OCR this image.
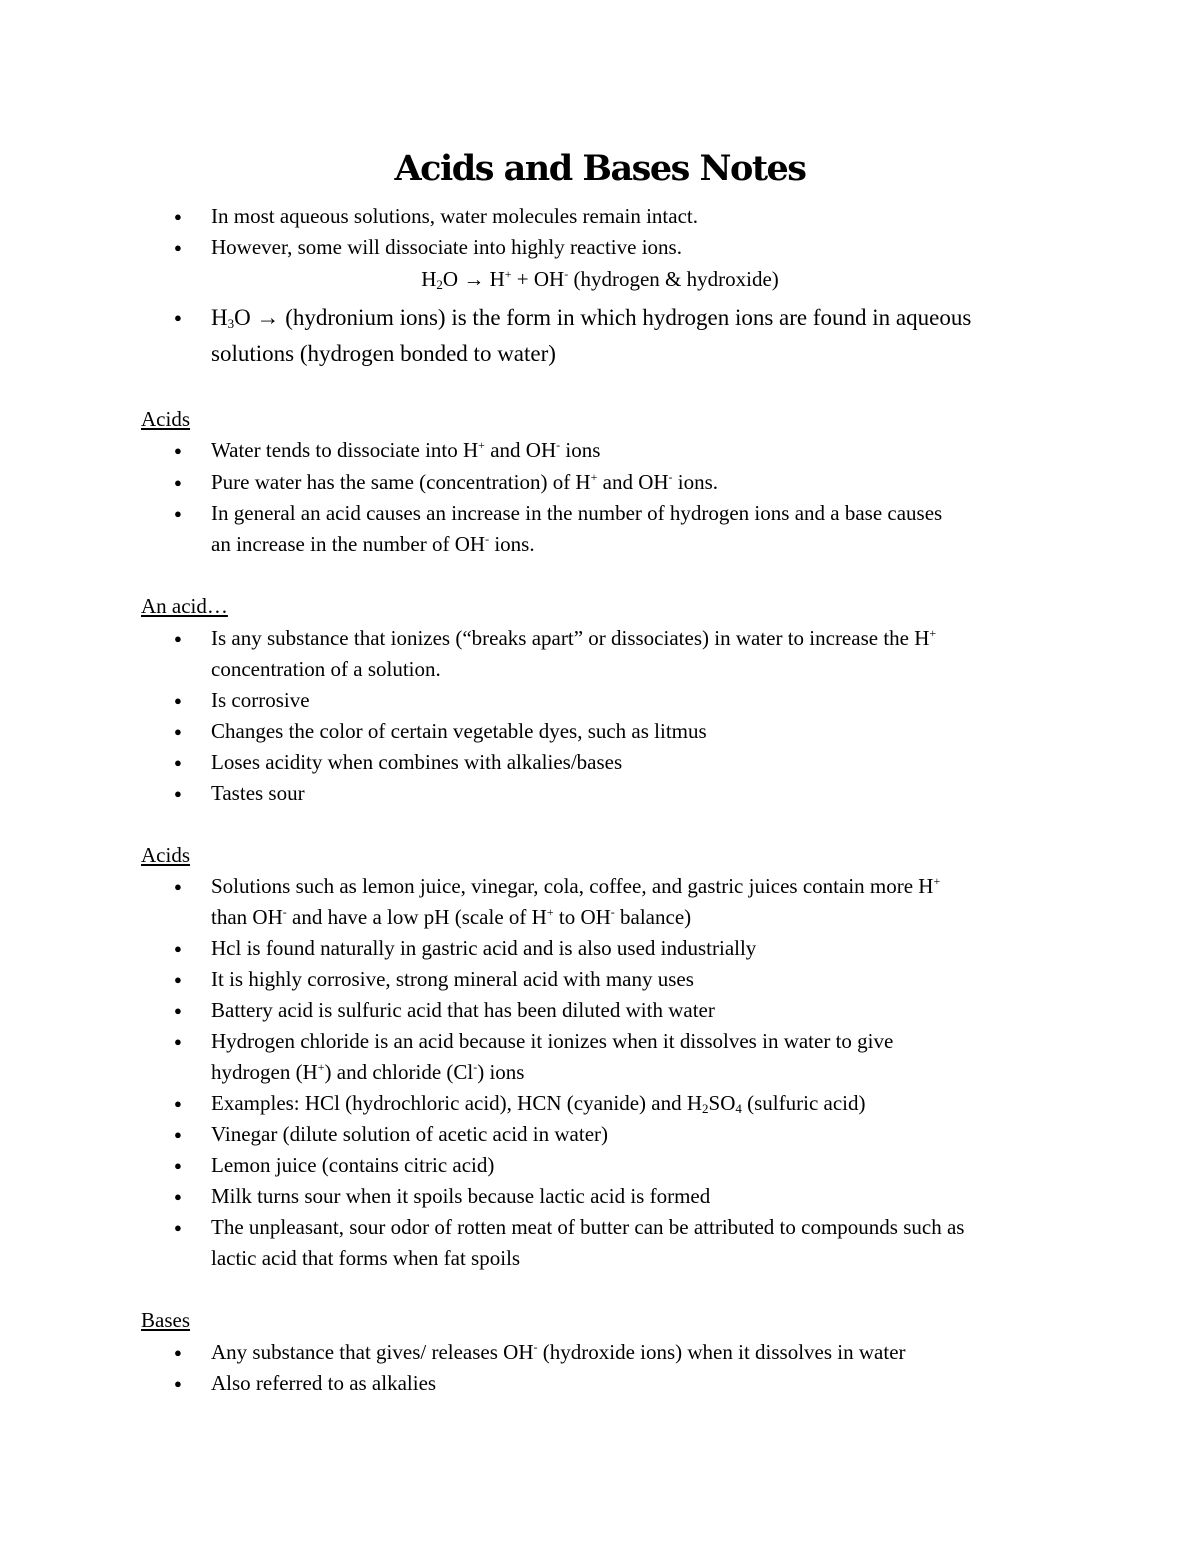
Acids and Bases Notes
● In most aqueous solutions, water molecules remain intact.
● However, some will dissociate into highly reactive ions.
$H_2O \to H^+ + OH^-$ (hydrogen & hydroxide)
● $H_3O$ → (hydronium ions) is the form in which hydrogen ions are found in aqueous
solutions (hydrogen bonded to water)
Acids
● Water tends to dissociate into H+ and OH- ions
● Pure water has the same (concentration) of H+ and OH- ions.
● In general an acid causes an increase in the number of hydrogen ions and a base causes
an increase in the number of OH- ions.
An acid…
● Is any substance that ionizes (“breaks apart” or dissociates) in water to increase the H+
concentration of a solution.
● Is corrosive
● Changes the color of certain vegetable dyes, such as litmus
● Loses acidity when combines with alkalies/bases
● Tastes sour
Acids
● Solutions such as lemon juice, vinegar, cola, coffee, and gastric juices contain more H+
than OH- and have a low pH (scale of H+ to OH- balance)
● Hcl is found naturally in gastric acid and is also used industrially
● It is highly corrosive, strong mineral acid with many uses
● Battery acid is sulfuric acid that has been diluted with water
● Hydrogen chloride is an acid because it ionizes when it dissolves in water to give
hydrogen (H+) and chloride (Cl-) ions
● Examples: HCl (hydrochloric acid), HCN (cyanide) and $H_2SO_4$ (sulfuric acid)
● Vinegar (dilute solution of acetic acid in water)
● Lemon juice (contains citric acid)
● Milk turns sour when it spoils because lactic acid is formed
● The unpleasant, sour odor of rotten meat of butter can be attributed to compounds such as
lactic acid that forms when fat spoils
Bases
● Any substance that gives/ releases OH- (hydroxide ions) when it dissolves in water
● Also referred to as alkalies
